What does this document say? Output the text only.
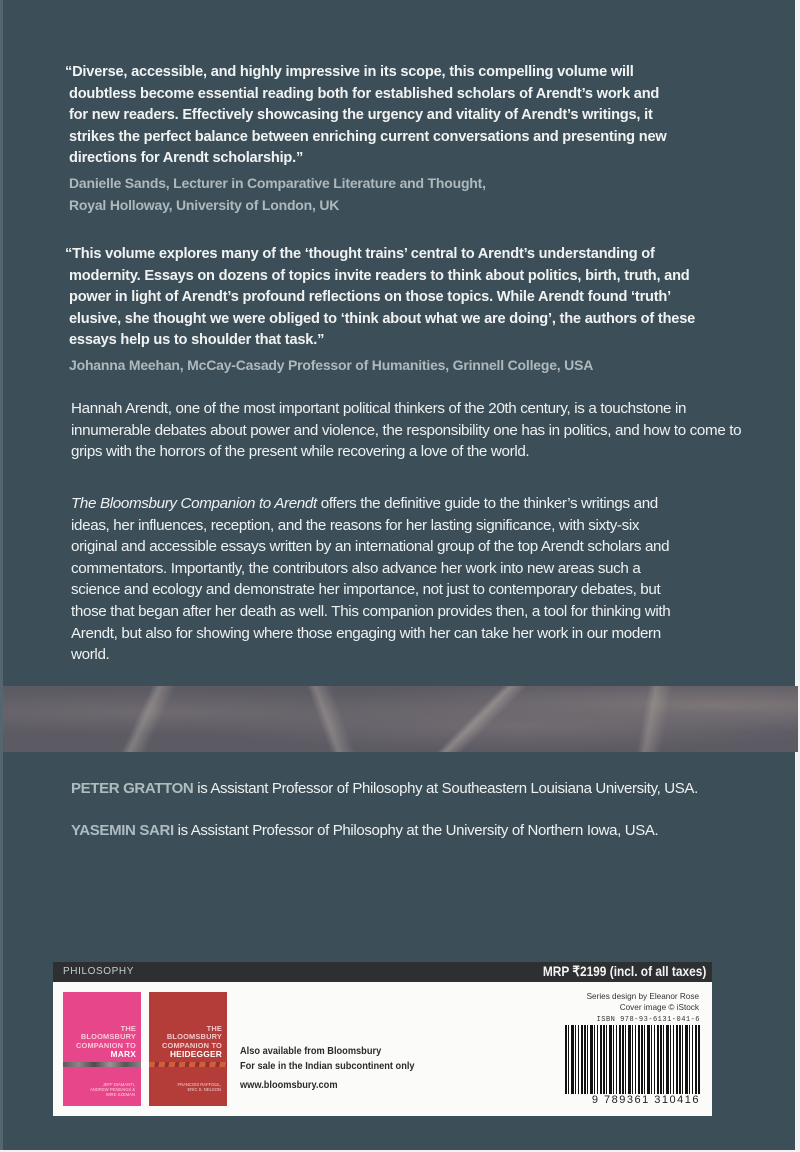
“Diverse, accessible, and highly impressive in its scope, this compelling volume will doubtless become essential reading both for established scholars of Arendt’s work and for new readers. Effectively showcasing the urgency and vitality of Arendt’s writings, it strikes the perfect balance between enriching current conversations and presenting new directions for Arendt scholarship.”
Danielle Sands, Lecturer in Comparative Literature and Thought, Royal Holloway, University of London, UK
“This volume explores many of the ‘thought trains’ central to Arendt’s understanding of modernity. Essays on dozens of topics invite readers to think about politics, birth, truth, and power in light of Arendt’s profound reflections on those topics. While Arendt found ‘truth’ elusive, she thought we were obliged to ‘think about what we are doing’, the authors of these essays help us to shoulder that task.”
Johanna Meehan, McCay-Casady Professor of Humanities, Grinnell College, USA

Hannah Arendt, one of the most important political thinkers of the 20th century, is a touchstone in innumerable debates about power and violence, the responsibility one has in politics, and how to come to grips with the horrors of the present while recovering a love of the world.

The Bloomsbury Companion to Arendt offers the definitive guide to the thinker’s writings and ideas, her influences, reception, and the reasons for her lasting significance, with sixty-six original and accessible essays written by an international group of the top Arendt scholars and commentators. Importantly, the contributors also advance her work into new areas such a science and ecology and demonstrate her importance, not just to contemporary debates, but those that began after her death as well. This companion provides then, a tool for thinking with Arendt, but also for showing where those engaging with her can take her work in our modern world.

PETER GRATTON is Assistant Professor of Philosophy at Southeastern Louisiana University, USA.
YASEMIN SARI is Assistant Professor of Philosophy at the University of Northern Iowa, USA.
PHILOSOPHY	MRP ₹2199 (incl. of all taxes)
THE
BLOOMSBURY
COMPANION TO
MARX
JEFF DIAMANTI, ANDREW PENDAKIS & IMRE SZEMAN
THE
BLOOMSBURY
COMPANION TO
HEIDEGGER
FRANCOIS RAFFOUL, ERIC S. NELSON
Also available from Bloomsbury
For sale in the Indian subcontinent only
www.bloomsbury.com
Series design by Eleanor Rose
Cover image © iStock
ISBN 978-93-6131-041-6
9 789361 310416
